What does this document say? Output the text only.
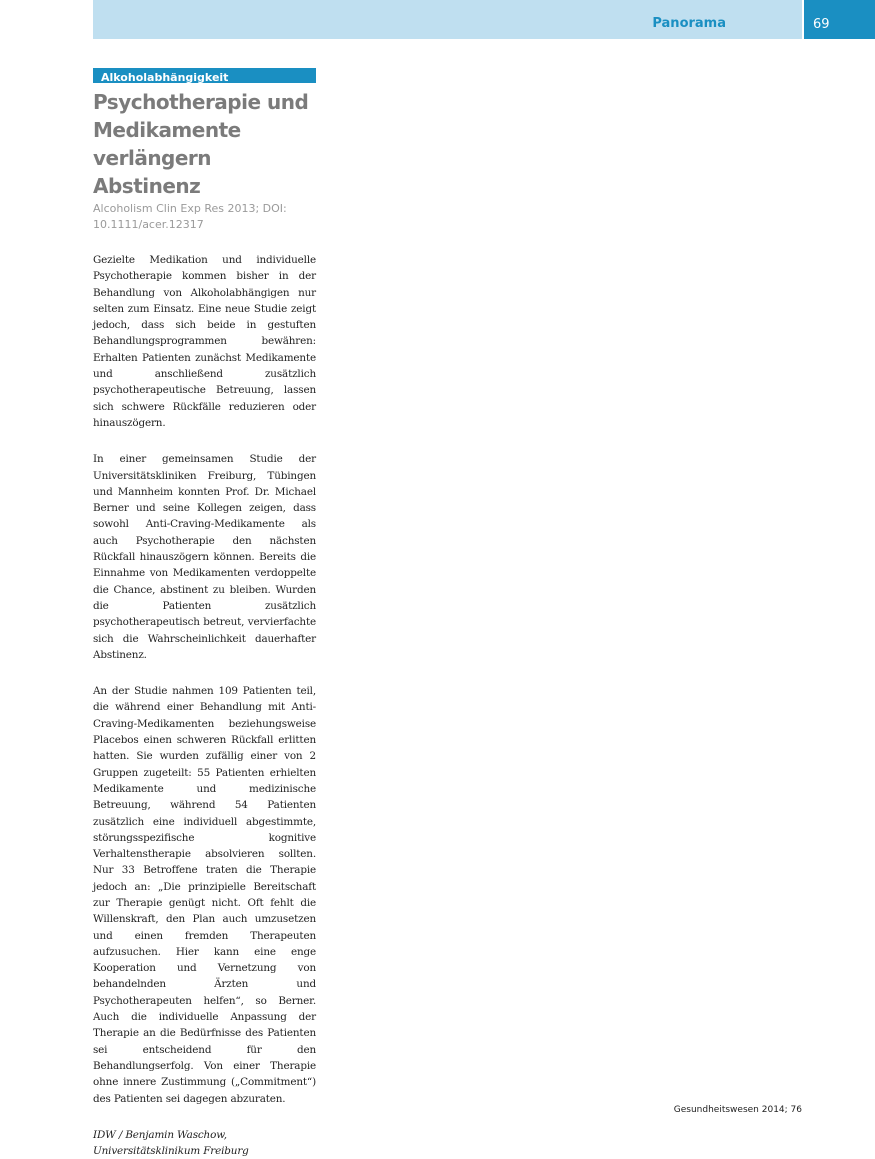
Panorama	69
Alkoholabhängigkeit
Psychotherapie und Medikamente verlängern Abstinenz
Alcoholism Clin Exp Res 2013; DOI: 10.1111/acer.12317

Gezielte Medikation und individuelle Psychotherapie kommen bisher in der Behandlung von Alkoholabhängigen nur selten zum Einsatz. Eine neue Studie zeigt jedoch, dass sich beide in gestuften Behandlungsprogrammen bewähren: Erhalten Patienten zunächst Medikamente und anschließend zusätzlich psychotherapeutische Betreuung, lassen sich schwere Rückfälle reduzieren oder hinauszögern.

In einer gemeinsamen Studie der Universitätskliniken Freiburg, Tübingen und Mannheim konnten Prof. Dr. Michael Berner und seine Kollegen zeigen, dass sowohl Anti-Craving-Medikamente als auch Psychotherapie den nächsten Rückfall hinauszögern können. Bereits die Einnahme von Medikamenten verdoppelte die Chance, abstinent zu bleiben. Wurden die Patienten zusätzlich psychotherapeutisch betreut, vervierfachte sich die Wahrscheinlichkeit dauerhafter Abstinenz.

An der Studie nahmen 109 Patienten teil, die während einer Behandlung mit Anti-Craving-Medikamenten beziehungsweise Placebos einen schweren Rückfall erlitten hatten. Sie wurden zufällig einer von 2 Gruppen zugeteilt: 55 Patienten erhielten Medikamente und medizinische Betreuung, während 54 Patienten zusätzlich eine individuell abgestimmte, störungsspezifische kognitive Verhaltenstherapie absolvieren sollten. Nur 33 Betroffene traten die Therapie jedoch an: „Die prinzipielle Bereitschaft zur Therapie genügt nicht. Oft fehlt die Willenskraft, den Plan auch umzusetzen und einen fremden Therapeuten aufzusuchen. Hier kann eine enge Kooperation und Vernetzung von behandelnden Ärzten und Psychotherapeuten helfen“, so Berner. Auch die individuelle Anpassung der Therapie an die Bedürfnisse des Patienten sei entscheidend für den Behandlungserfolg. Von einer Therapie ohne innere Zustimmung („Commitment“) des Patienten sei dagegen abzuraten.

IDW / Benjamin Waschow, Universitätsklinikum Freiburg

Gesundheitswesen 2014; 76
